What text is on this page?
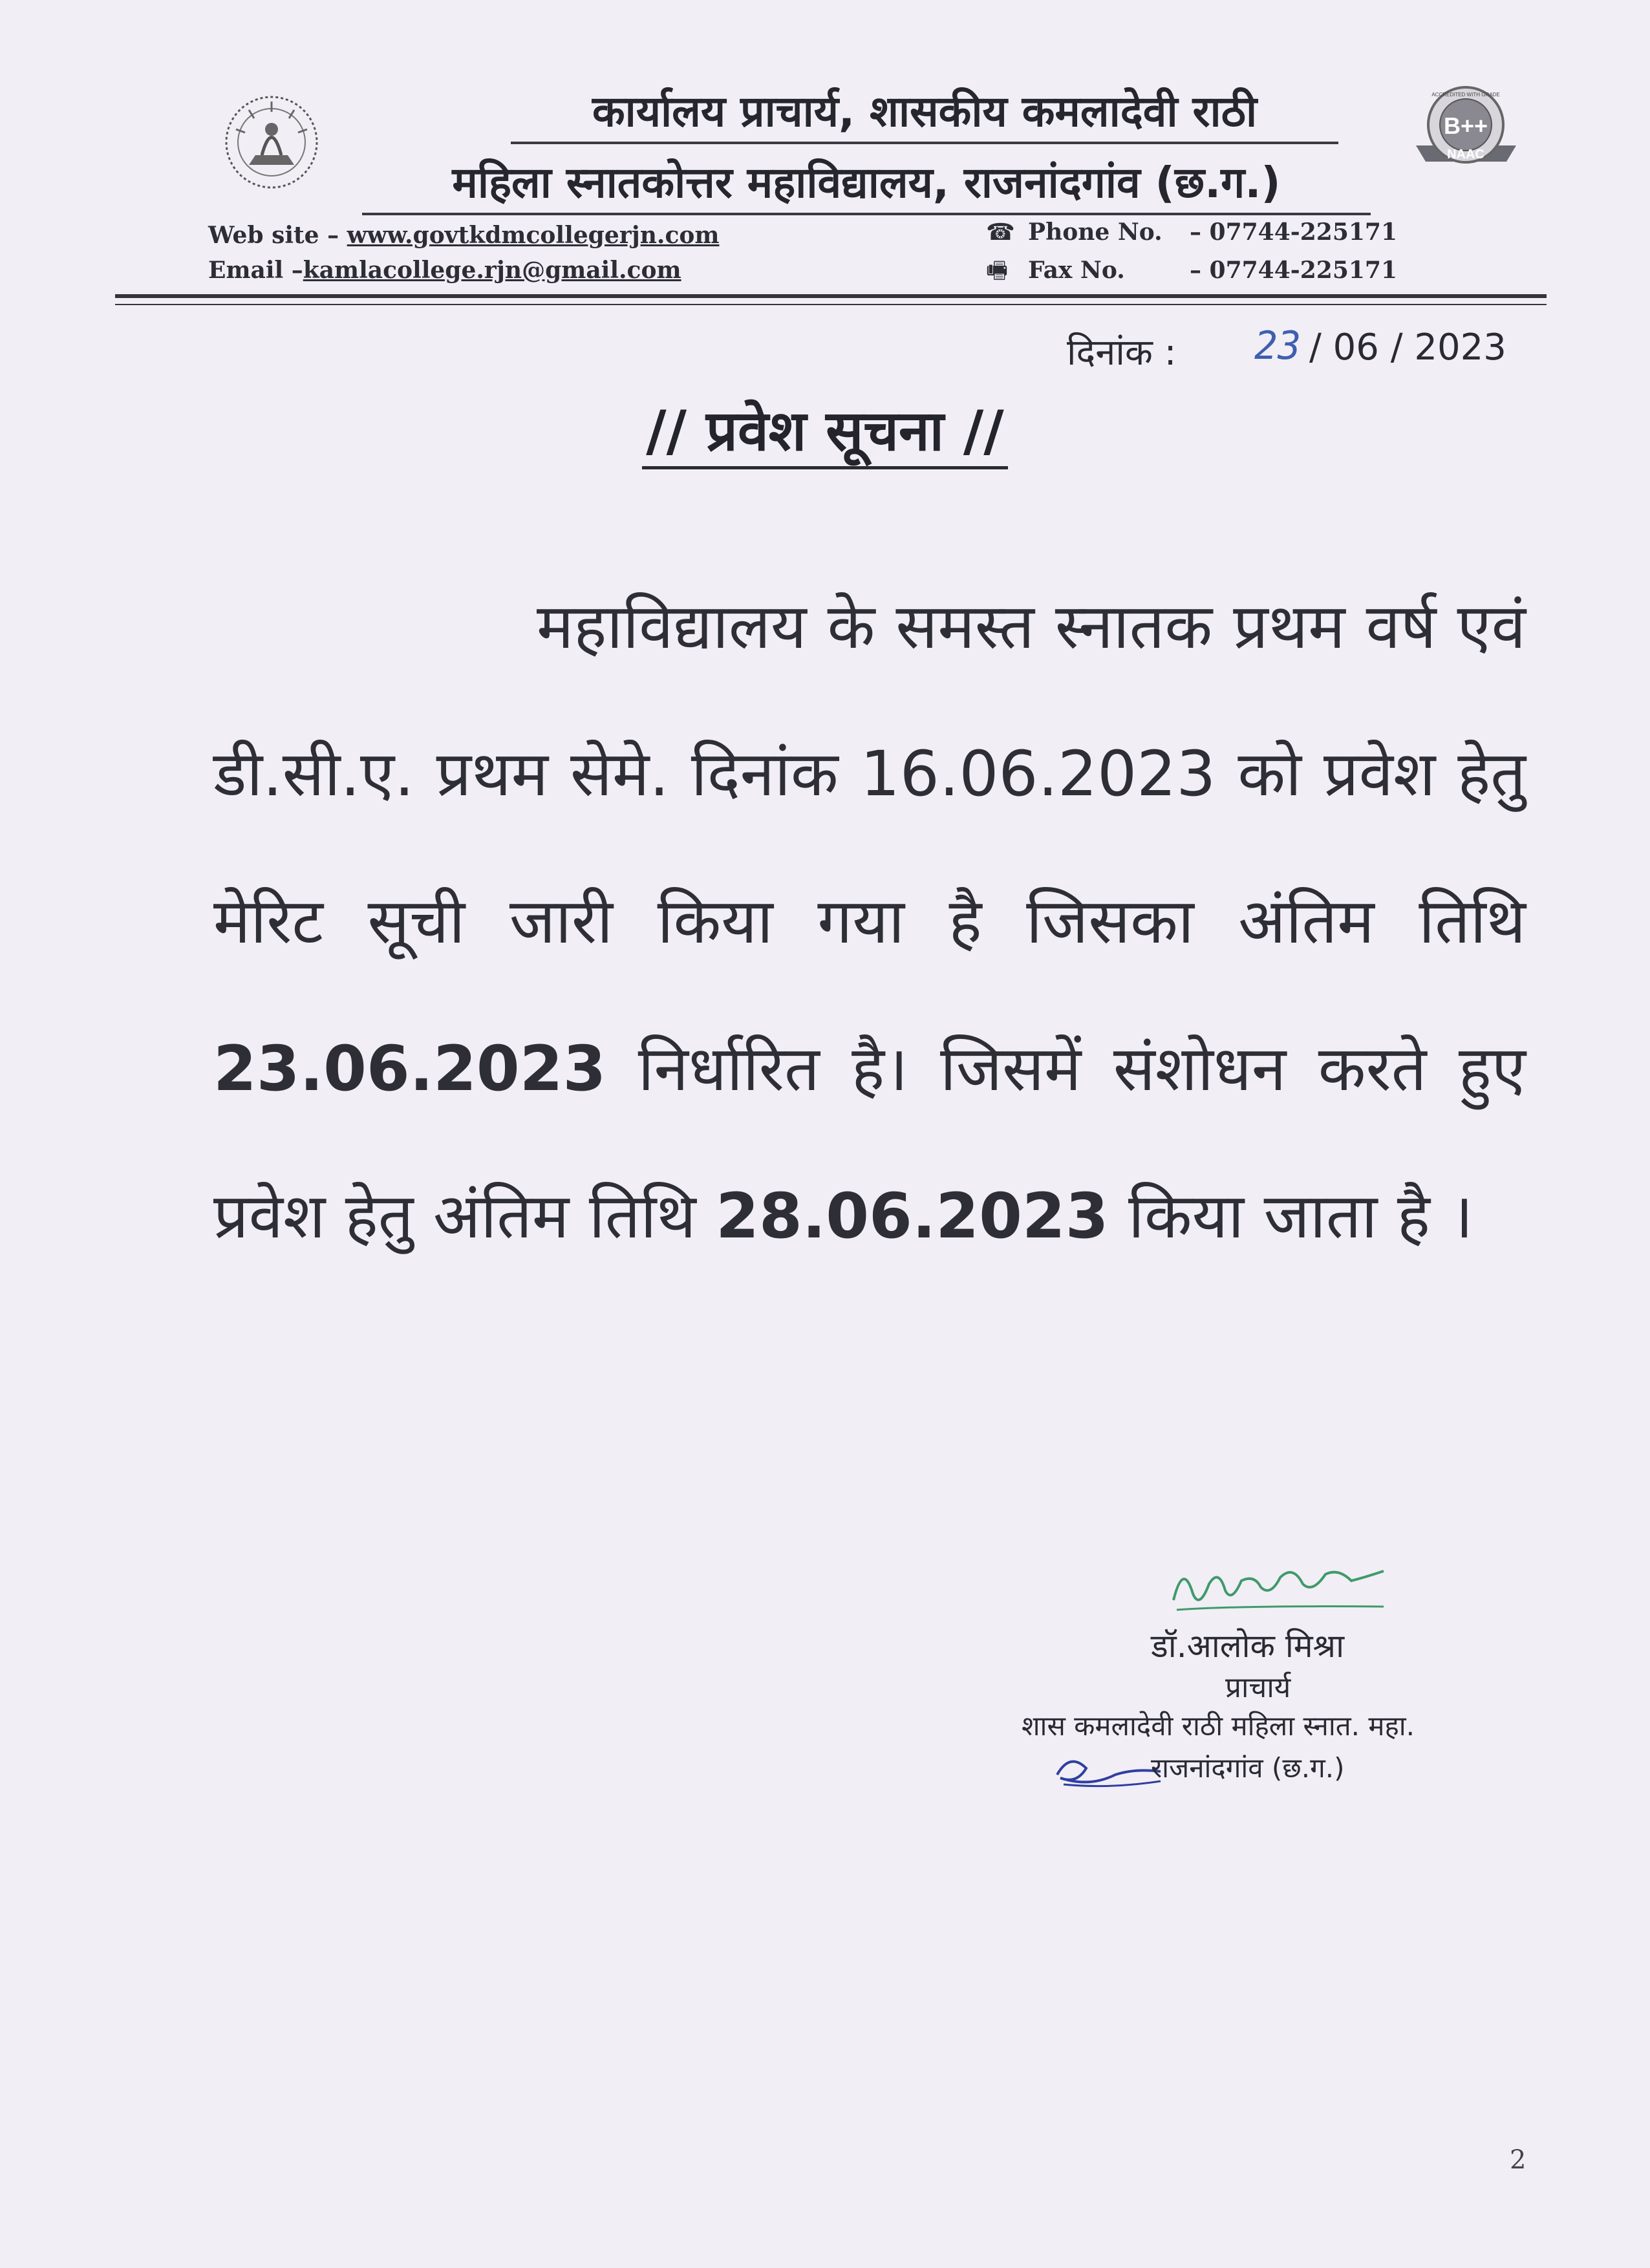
कार्यालय प्राचार्य, शासकीय कमलादेवी राठी
महिला स्नातकोत्तर महाविद्यालय, राजनांदगांव (छ.ग.)
B++
NAAC
ACCREDITED WITH GRADE
Web site – www.govtkdmcollegerjn.com
Email –kamlacollege.rjn@gmail.com
☎ Phone No. – 07744-225171
🖷 Fax No.	– 07744-225171
दिनांक : 23 / 06 / 2023
// प्रवेश सूचना //

महाविद्यालय के समस्त स्नातक प्रथम वर्ष एवं डी.सी.ए. प्रथम सेमे. दिनांक 16.06.2023 को प्रवेश हेतु मेरिट सूची जारी किया गया है जिसका अंतिम तिथि 23.06.2023 निर्धारित है। जिसमें संशोधन करते हुए प्रवेश हेतु अंतिम तिथि 28.06.2023 किया जाता है ।

डॉ.आलोक मिश्रा
प्राचार्य
शास कमलादेवी राठी महिला स्नात. महा.
राजनांदगांव (छ.ग.)
2
